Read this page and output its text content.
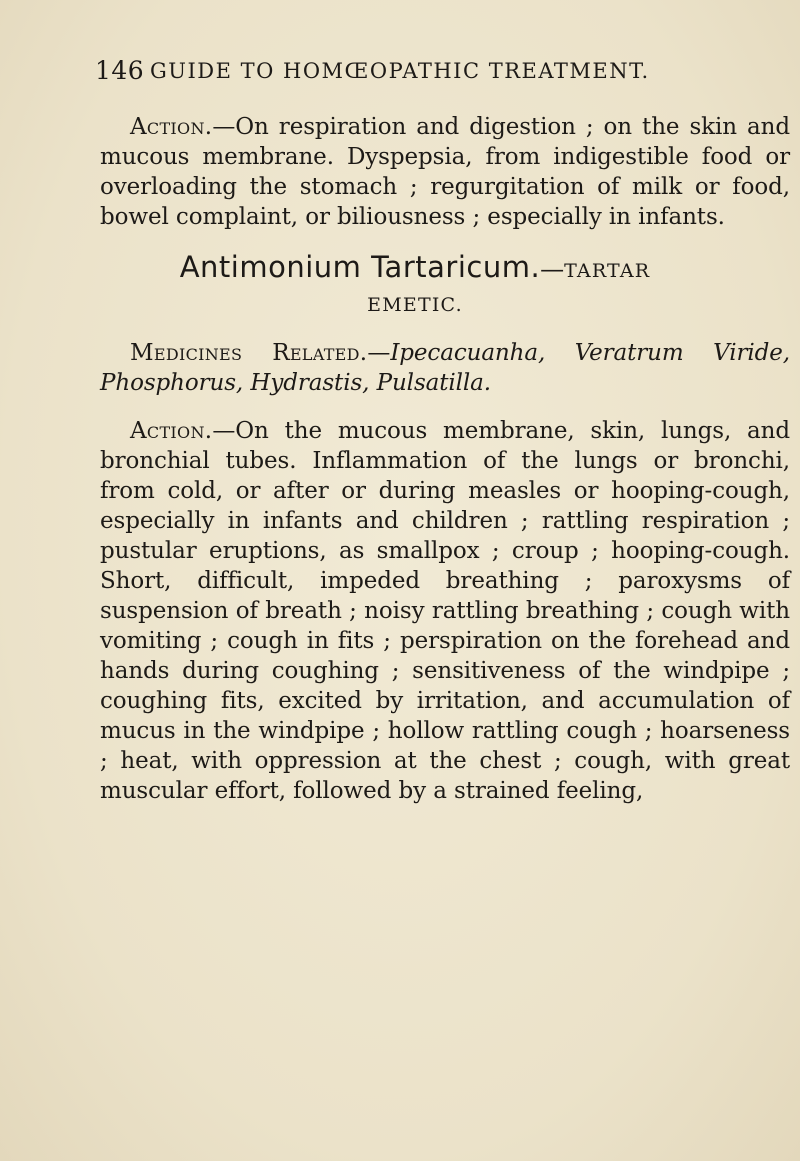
146 GUIDE TO HOMŒOPATHIC TREATMENT.

Action.—On respiration and digestion ; on the skin and mucous membrane. Dyspepsia, from indigestible food or overloading the stomach ; regurgitation of milk or food, bowel complaint, or biliousness ; especially in infants.

Antimonium Tartaricum.—TARTAR
EMETIC.

Medicines Related.—Ipecacuanha, Veratrum Viride, Phosphorus, Hydrastis, Pulsatilla.

Action.—On the mucous membrane, skin, lungs, and bronchial tubes. Inflammation of the lungs or bronchi, from cold, or after or during measles or hooping-cough, especially in infants and children ; rattling respiration ; pustular eruptions, as smallpox ; croup ; hooping-cough. Short, difficult, impeded breathing ; paroxysms of suspension of breath ; noisy rattling breathing ; cough with vomiting ; cough in fits ; perspiration on the forehead and hands during coughing ; sensitiveness of the windpipe ; coughing fits, excited by irritation, and accumulation of mucus in the windpipe ; hollow rattling cough ; hoarseness ; heat, with oppression at the chest ; cough, with great muscular effort, followed by a strained feeling,
